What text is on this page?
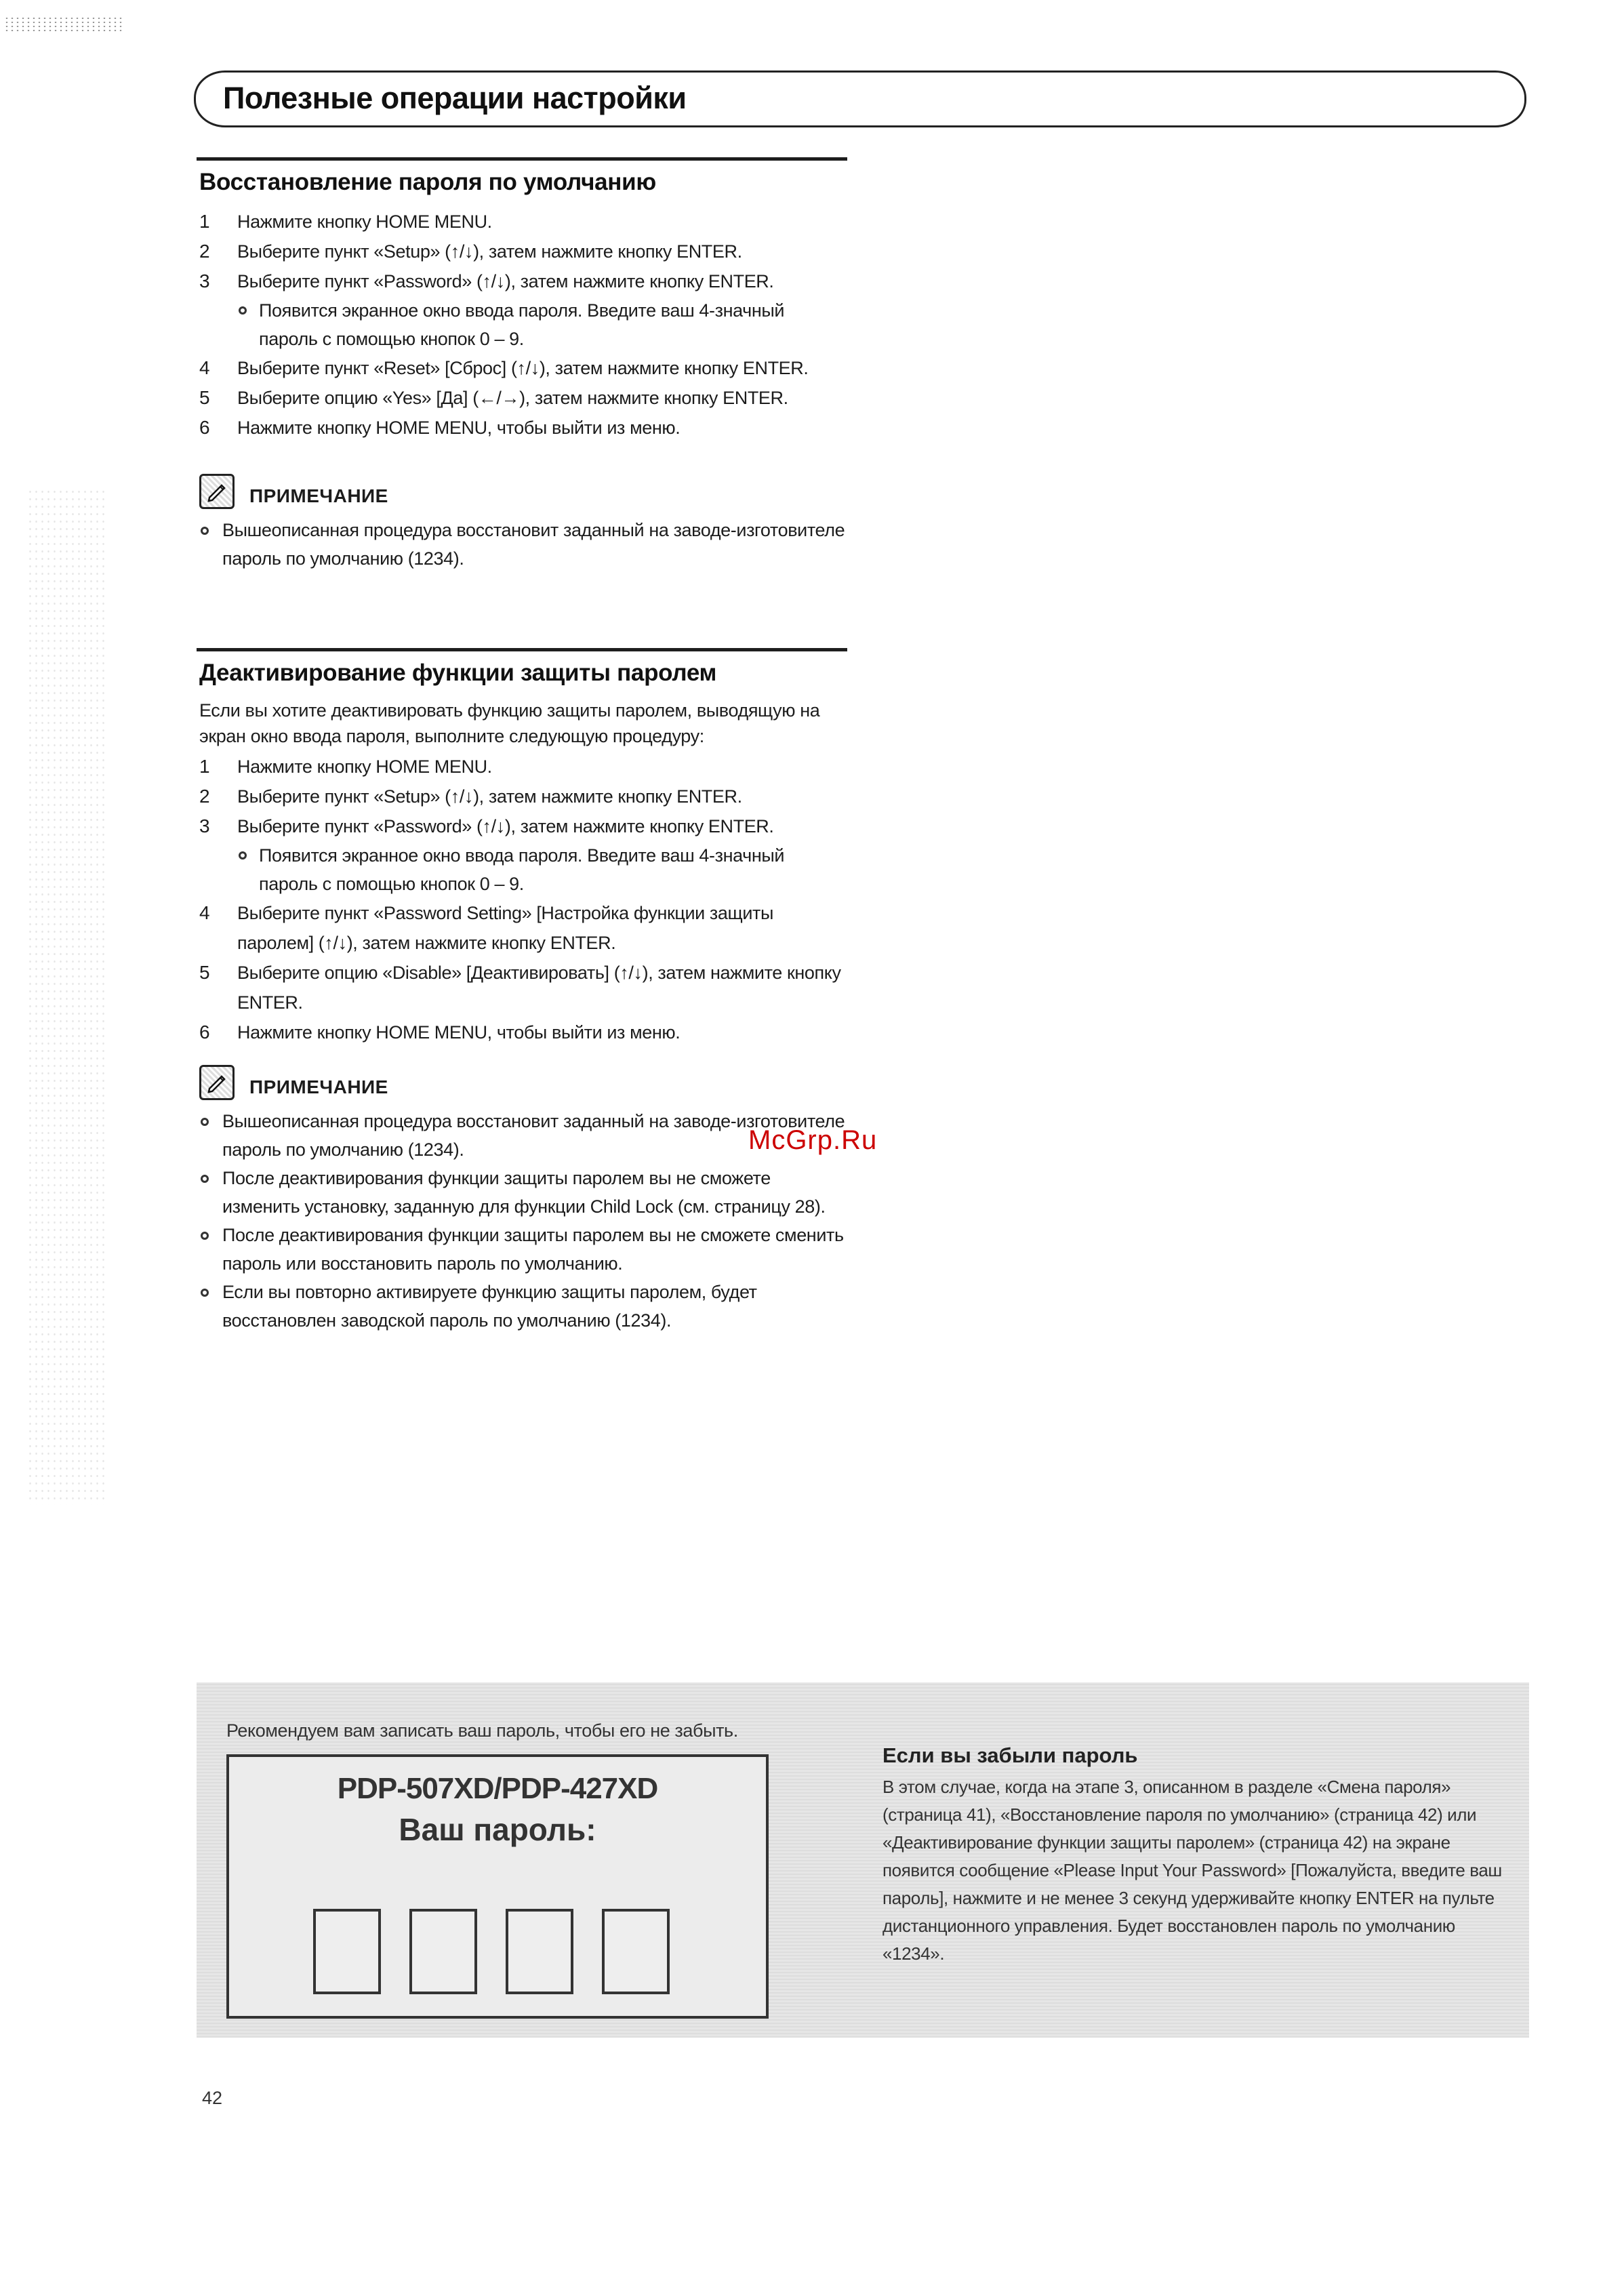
Полезные операции настройки
Восстановление пароля по умолчанию
1 Нажмите кнопку HOME MENU.
2 Выберите пункт «Setup» (↑/↓), затем нажмите кнопку ENTER.
3 Выберите пункт «Password» (↑/↓), затем нажмите кнопку ENTER.
Появится экранное окно ввода пароля. Введите ваш 4-значный пароль с помощью кнопок 0 – 9.
4 Выберите пункт «Reset» [Сброс] (↑/↓), затем нажмите кнопку ENTER.
5 Выберите опцию «Yes» [Да] (←/→), затем нажмите кнопку ENTER.
6 Нажмите кнопку HOME MENU, чтобы выйти из меню.
ПРИМЕЧАНИЕ
Вышеописанная процедура восстановит заданный на заводе-изготовителе пароль по умолчанию (1234).
Деактивирование функции защиты паролем
Если вы хотите деактивировать функцию защиты паролем, выводящую на экран окно ввода пароля, выполните следующую процедуру:
1 Нажмите кнопку HOME MENU.
2 Выберите пункт «Setup» (↑/↓), затем нажмите кнопку ENTER.
3 Выберите пункт «Password» (↑/↓), затем нажмите кнопку ENTER.
Появится экранное окно ввода пароля. Введите ваш 4-значный пароль с помощью кнопок 0 – 9.
4 Выберите пункт «Password Setting» [Настройка функции защиты паролем] (↑/↓), затем нажмите кнопку ENTER.
5 Выберите опцию «Disable» [Деактивировать] (↑/↓), затем нажмите кнопку ENTER.
6 Нажмите кнопку HOME MENU, чтобы выйти из меню.
ПРИМЕЧАНИЕ
Вышеописанная процедура восстановит заданный на заводе-изготовителе пароль по умолчанию (1234).
После деактивирования функции защиты паролем вы не сможете изменить установку, заданную для функции Child Lock (см. страницу 28).
После деактивирования функции защиты паролем вы не сможете сменить пароль или восстановить пароль по умолчанию.
Если вы повторно активируете функцию защиты паролем, будет восстановлен заводской пароль по умолчанию (1234).
McGrp.Ru
Рекомендуем вам записать ваш пароль, чтобы его не забыть.
PDP-507XD/PDP-427XD
Ваш пароль:
Если вы забыли пароль
В этом случае, когда на этапе 3, описанном в разделе «Смена пароля» (страница 41), «Восстановление пароля по умолчанию» (страница 42) или «Деактивирование функции защиты паролем» (страница 42) на экране появится сообщение «Please Input Your Password» [Пожалуйста, введите ваш пароль], нажмите и не менее 3 секунд удерживайте кнопку ENTER на пульте дистанционного управления. Будет восстановлен пароль по умолчанию «1234».
42
